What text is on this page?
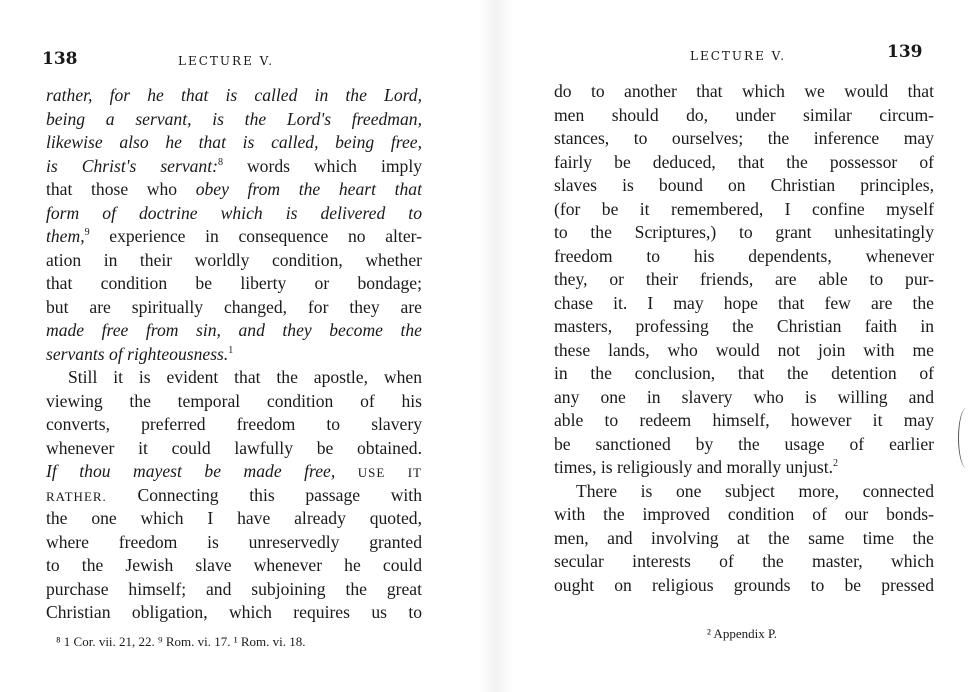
138	LECTURE V.
rather, for he that is called in the Lord,
being a servant, is the Lord's freedman,
likewise also he that is called, being free,
is Christ's servant:$^8$ words which imply
that those who obey from the heart that
form of doctrine which is delivered to
them,$^9$ experience in consequence no alter-
ation in their worldly condition, whether
that condition be liberty or bondage;
but are spiritually changed, for they are
made free from sin, and they become the
servants of righteousness.$^1$
Still it is evident that the apostle, when
viewing the temporal condition of his
converts, preferred freedom to slavery
whenever it could lawfully be obtained.
If thou mayest be made free, USE IT
RATHER. Connecting this passage with
the one which I have already quoted,
where freedom is unreservedly granted
to the Jewish slave whenever he could
purchase himself; and subjoining the great
Christian obligation, which requires us to
⁸ 1 Cor. vii. 21, 22. ⁹ Rom. vi. 17. ¹ Rom. vi. 18.
LECTURE V.	139
do to another that which we would that
men should do, under similar circum-
stances, to ourselves; the inference may
fairly be deduced, that the possessor of
slaves is bound on Christian principles,
(for be it remembered, I confine myself
to the Scriptures,) to grant unhesitatingly
freedom to his dependents, whenever
they, or their friends, are able to pur-
chase it. I may hope that few are the
masters, professing the Christian faith in
these lands, who would not join with me
in the conclusion, that the detention of
any one in slavery who is willing and
able to redeem himself, however it may
be sanctioned by the usage of earlier
times, is religiously and morally unjust.$^2$
There is one subject more, connected
with the improved condition of our bonds-
men, and involving at the same time the
secular interests of the master, which
ought on religious grounds to be pressed
² Appendix P.
